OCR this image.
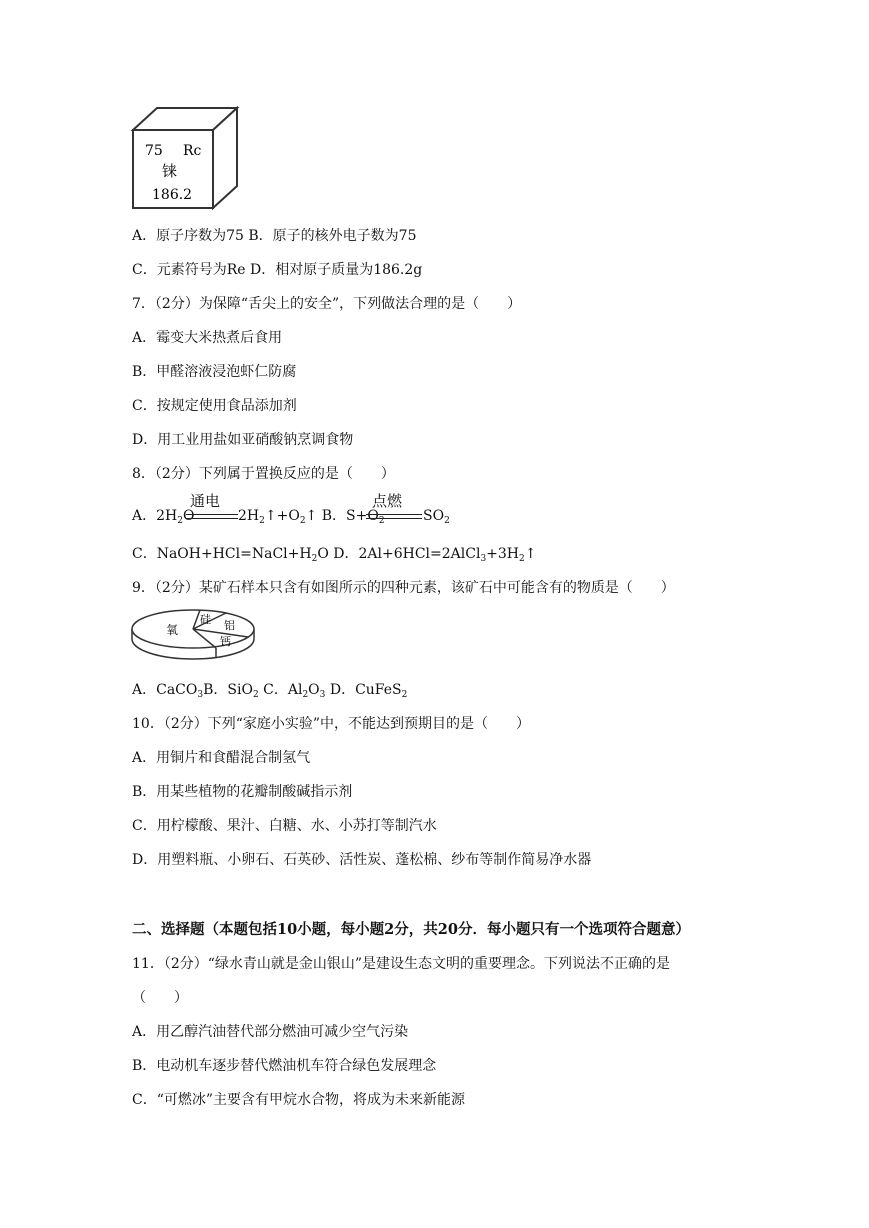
75 Rc
铼
186.2
A．原子序数为75 B．原子的核外电子数为75
C．元素符号为Re D．相对原子质量为186.2g
7．（2分）为保障“舌尖上的安全”，下列做法合理的是（　　）
A．霉变大米热煮后食用
B．甲醛溶液浸泡虾仁防腐
C．按规定使用食品添加剂
D．用工业用盐如亚硝酸钠烹调食物
8．（2分）下列属于置换反应的是（　　）
A．$2H_2O$
通电
$2H_2↑+O_2↑$ B．$S+O_2$
点燃
$SO_2$
C．$NaOH+HCl=NaCl+H_2O$ D．$2Al+6HCl=2AlCl_3+3H_2↑$
9．（2分）某矿石样本只含有如图所示的四种元素，该矿石中可能含有的物质是（　　）
氧
硅 铝
钙
A．CaCO$_3$B．SiO$_2$ C．$Al_2O_3$ D．CuFeS$_2$
10．（2分）下列“家庭小实验”中，不能达到预期目的是（　　）
A．用铜片和食醋混合制氢气
B．用某些植物的花瓣制酸碱指示剂
C．用柠檬酸、果汁、白糖、水、小苏打等制汽水
D．用塑料瓶、小卵石、石英砂、活性炭、蓬松棉、纱布等制作简易净水器
二、选择题（本题包括10小题，每小题2分，共20分．每小题只有一个选项符合题意）
11．（2分）“绿水青山就是金山银山”是建设生态文明的重要理念。下列说法不正确的是
（　　）
A．用乙醇汽油替代部分燃油可减少空气污染
B．电动机车逐步替代燃油机车符合绿色发展理念
C．“可燃冰”主要含有甲烷水合物，将成为未来新能源
